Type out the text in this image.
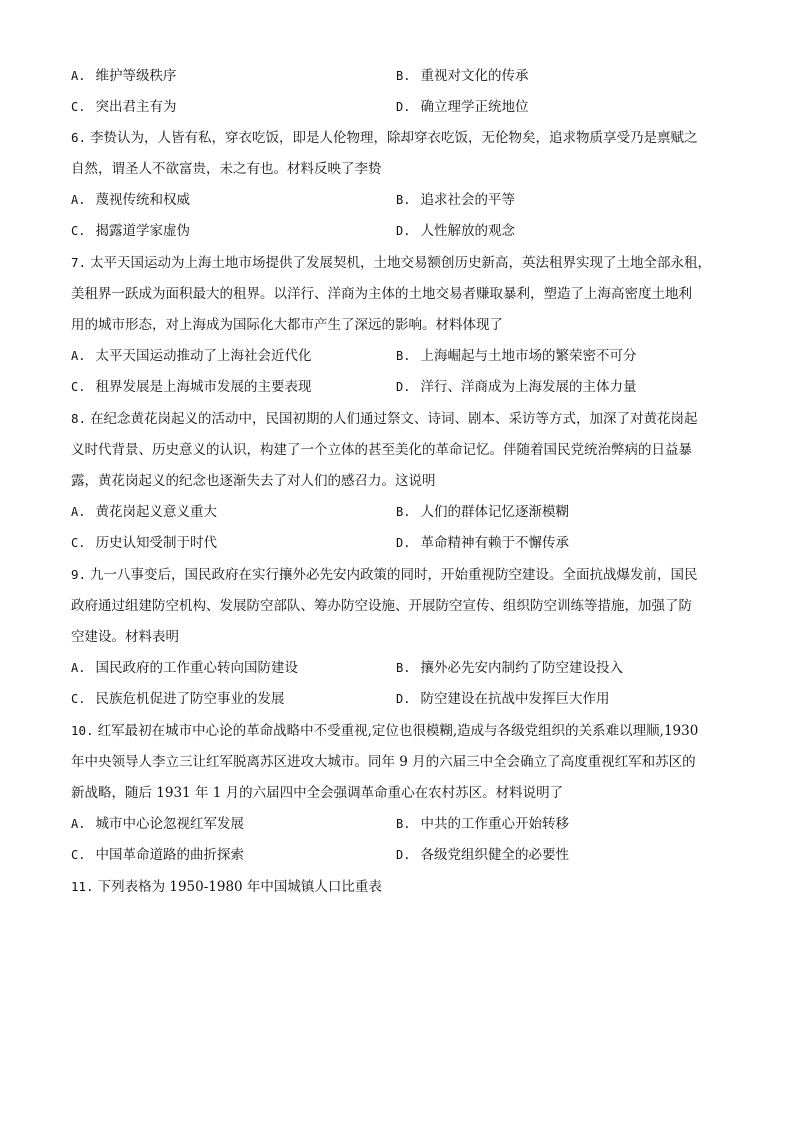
A. 维护等级秩序	B. 重视对文化的传承
C. 突出君主有为	D. 确立理学正统地位
6. 李贽认为，人皆有私，穿衣吃饭，即是人伦物理，除却穿衣吃饭，无伦物矣，追求物质享受乃是禀赋之
自然，谓圣人不欲富贵，未之有也。材料反映了李贽
A. 蔑视传统和权威	B. 追求社会的平等
C. 揭露道学家虚伪	D. 人性解放的观念
7. 太平天国运动为上海土地市场提供了发展契机，土地交易额创历史新高，英法租界实现了土地全部永租，
美租界一跃成为面积最大的租界。以洋行、洋商为主体的土地交易者赚取暴利，塑造了上海高密度土地利
用的城市形态，对上海成为国际化大都市产生了深远的影响。材料体现了
A. 太平天国运动推动了上海社会近代化	B. 上海崛起与土地市场的繁荣密不可分
C. 租界发展是上海城市发展的主要表现	D. 洋行、洋商成为上海发展的主体力量
8. 在纪念黄花岗起义的活动中，民国初期的人们通过祭文、诗词、剧本、采访等方式，加深了对黄花岗起
义时代背景、历史意义的认识，构建了一个立体的甚至美化的革命记忆。伴随着国民党统治弊病的日益暴
露，黄花岗起义的纪念也逐渐失去了对人们的感召力。这说明
A. 黄花岗起义意义重大	B. 人们的群体记忆逐渐模糊
C. 历史认知受制于时代	D. 革命精神有赖于不懈传承
9. 九一八事变后，国民政府在实行攘外必先安内政策的同时，开始重视防空建设。全面抗战爆发前，国民
政府通过组建防空机构、发展防空部队、筹办防空设施、开展防空宣传、组织防空训练等措施，加强了防
空建设。材料表明
A. 国民政府的工作重心转向国防建设	B. 攘外必先安内制约了防空建设投入
C. 民族危机促进了防空事业的发展	D. 防空建设在抗战中发挥巨大作用
10. 红军最初在城市中心论的革命战略中不受重视,定位也很模糊,造成与各级党组织的关系难以理顺,1930
年中央领导人李立三让红军脱离苏区进攻大城市。同年 9 月的六届三中全会确立了高度重视红军和苏区的
新战略，随后 1931 年 1 月的六届四中全会强调革命重心在农村苏区。材料说明了
A. 城市中心论忽视红军发展	B. 中共的工作重心开始转移
C. 中国革命道路的曲折探索	D. 各级党组织健全的必要性
11. 下列表格为 1950-1980 年中国城镇人口比重表
